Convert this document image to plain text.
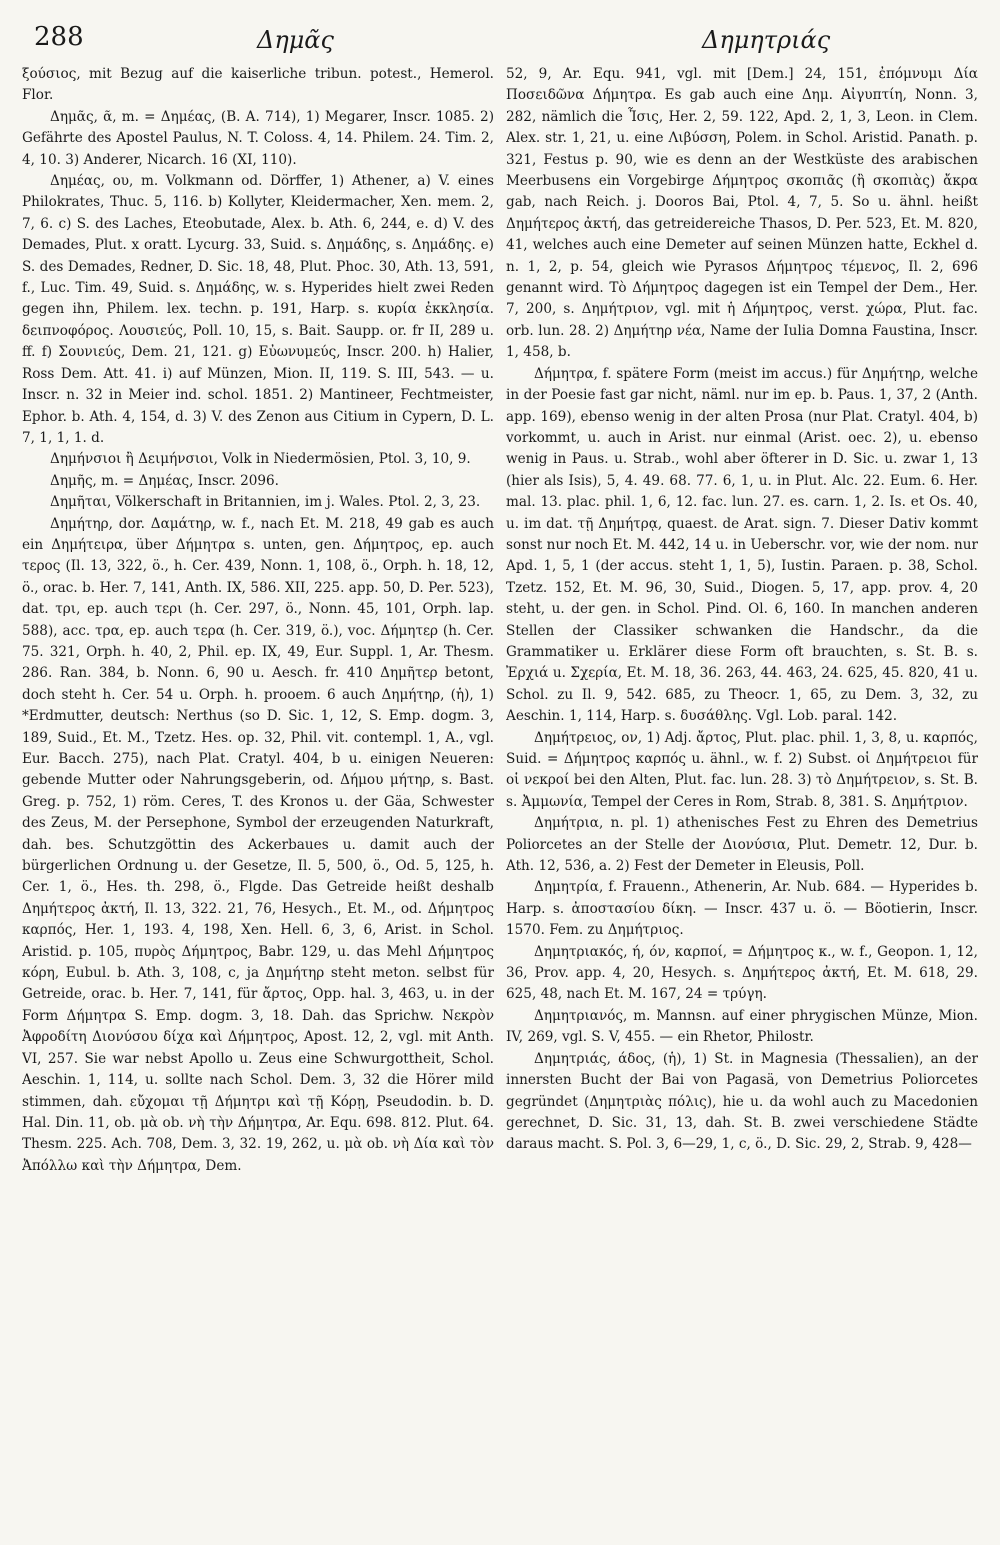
288	Δημᾶς	Δημητριάς

ξούσιος, mit Bezug auf die kaiserliche tribun. potest., Hemerol. Flor.

Δημᾶς, ᾶ, m. = Δημέας, (B. A. 714), 1) Megarer, Inscr. 1085. 2) Gefährte des Apostel Paulus, N. T. Coloss. 4, 14. Philem. 24. Tim. 2, 4, 10. 3) Anderer, Nicarch. 16 (XI, 110).

Δημέας, ου, m. Volkmann od. Dörffer, 1) Athener, a) V. eines Philokrates, Thuc. 5, 116. b) Kollyter, Kleidermacher, Xen. mem. 2, 7, 6. c) S. des Laches, Eteobutade, Alex. b. Ath. 6, 244, e. d) V. des Demades, Plut. x oratt. Lycurg. 33, Suid. s. Δημάδης, s. Δημάδης. e) S. des Demades, Redner, D. Sic. 18, 48, Plut. Phoc. 30, Ath. 13, 591, f., Luc. Tim. 49, Suid. s. Δημάδης, w. s. Hyperides hielt zwei Reden gegen ihn, Philem. lex. techn. p. 191, Harp. s. κυρία ἐκκλησία. δειπνοφόρος. Λουσιεύς, Poll. 10, 15, s. Bait. Saupp. or. fr II, 289 u. ff. f) Σουνιεύς, Dem. 21, 121. g) Εὐωνυμεύς, Inscr. 200. h) Halier, Ross Dem. Att. 41. i) auf Münzen, Mion. II, 119. S. III, 543. — u. Inscr. n. 32 in Meier ind. schol. 1851. 2) Mantineer, Fechtmeister, Ephor. b. Ath. 4, 154, d. 3) V. des Zenon aus Citium in Cypern, D. L. 7, 1, 1, 1. d.

Δημήνσιοι ἢ Δειμήνσιοι, Volk in Niedermösien, Ptol. 3, 10, 9.

Δημῆς, m. = Δημέας, Inscr. 2096.

Δημῆται, Völkerschaft in Britannien, im j. Wales. Ptol. 2, 3, 23.

Δημήτηρ, dor. Δαμάτηρ, w. f., nach Et. M. 218, 49 gab es auch ein Δημήτειρα, über Δήμητρα s. unten, gen. Δήμητρος, ep. auch τερος (Il. 13, 322, ö., h. Cer. 439, Nonn. 1, 108, ö., Orph. h. 18, 12, ö., orac. b. Her. 7, 141, Anth. IX, 586. XII, 225. app. 50, D. Per. 523), dat. τρι, ep. auch τερι (h. Cer. 297, ö., Nonn. 45, 101, Orph. lap. 588), acc. τρα, ep. auch τερα (h. Cer. 319, ö.), voc. Δήμητερ (h. Cer. 75. 321, Orph. h. 40, 2, Phil. ep. IX, 49, Eur. Suppl. 1, Ar. Thesm. 286. Ran. 384, b. Nonn. 6, 90 u. Aesch. fr. 410 Δημῆτερ betont, doch steht h. Cer. 54 u. Orph. h. prooem. 6 auch Δημήτηρ, (ἡ), 1) *Erdmutter, deutsch: Nerthus (so D. Sic. 1, 12, S. Emp. dogm. 3, 189, Suid., Et. M., Tzetz. Hes. op. 32, Phil. vit. contempl. 1, A., vgl. Eur. Bacch. 275), nach Plat. Cratyl. 404, b u. einigen Neueren: gebende Mutter oder Nahrungsgeberin, od. Δήμου μήτηρ, s. Bast. Greg. p. 752, 1) röm. Ceres, T. des Kronos u. der Gäa, Schwester des Zeus, M. der Persephone, Symbol der erzeugenden Naturkraft, dah. bes. Schutzgöttin des Ackerbaues u. damit auch der bürgerlichen Ordnung u. der Gesetze, Il. 5, 500, ö., Od. 5, 125, h. Cer. 1, ö., Hes. th. 298, ö., Flgde. Das Getreide heißt deshalb Δημήτερος ἀκτή, Il. 13, 322. 21, 76, Hesych., Et. M., od. Δήμητρος καρπός, Her. 1, 193. 4, 198, Xen. Hell. 6, 3, 6, Arist. in Schol. Aristid. p. 105, πυρὸς Δήμητρος, Babr. 129, u. das Mehl Δήμητρος κόρη, Eubul. b. Ath. 3, 108, c, ja Δημήτηρ steht meton. selbst für Getreide, orac. b. Her. 7, 141, für ἄρτος, Opp. hal. 3, 463, u. in der Form Δήμητρα S. Emp. dogm. 3, 18. Dah. das Sprichw. Νεκρὸν Ἀφροδίτη Διονύσου δίχα καὶ Δήμητρος, Apost. 12, 2, vgl. mit Anth. VI, 257. Sie war nebst Apollo u. Zeus eine Schwurgottheit, Schol. Aeschin. 1, 114, u. sollte nach Schol. Dem. 3, 32 die Hörer mild stimmen, dah. εὔχομαι τῇ Δήμητρι καὶ τῇ Κόρῃ, Pseudodin. b. D. Hal. Din. 11, ob. μὰ ob. νὴ τὴν Δήμητρα, Ar. Equ. 698. 812. Plut. 64. Thesm. 225. Ach. 708, Dem. 3, 32. 19, 262, u. μὰ ob. νὴ Δία καὶ τὸν Ἀπόλλω καὶ τὴν Δήμητρα, Dem.

52, 9, Ar. Equ. 941, vgl. mit [Dem.] 24, 151, ἐπόμνυμι Δία Ποσειδῶνα Δήμητρα. Es gab auch eine Δημ. Αἰγυπτίη, Nonn. 3, 282, nämlich die Ἶσις, Her. 2, 59. 122, Apd. 2, 1, 3, Leon. in Clem. Alex. str. 1, 21, u. eine Λιβύσση, Polem. in Schol. Aristid. Panath. p. 321, Festus p. 90, wie es denn an der Westküste des arabischen Meerbusens ein Vorgebirge Δήμητρος σκοπιᾶς (ἢ σκοπιὰς) ἄκρα gab, nach Reich. j. Dooros Bai, Ptol. 4, 7, 5. So u. ähnl. heißt Δημήτερος ἀκτή, das getreidereiche Thasos, D. Per. 523, Et. M. 820, 41, welches auch eine Demeter auf seinen Münzen hatte, Eckhel d. n. 1, 2, p. 54, gleich wie Pyrasos Δήμητρος τέμενος, Il. 2, 696 genannt wird. Τὸ Δήμητρος dagegen ist ein Tempel der Dem., Her. 7, 200, s. Δημήτριον, vgl. mit ἡ Δήμητρος, verst. χώρα, Plut. fac. orb. lun. 28. 2) Δημήτηρ νέα, Name der Iulia Domna Faustina, Inscr. 1, 458, b.

Δήμητρα, f. spätere Form (meist im accus.) für Δημήτηρ, welche in der Poesie fast gar nicht, näml. nur im ep. b. Paus. 1, 37, 2 (Anth. app. 169), ebenso wenig in der alten Prosa (nur Plat. Cratyl. 404, b) vorkommt, u. auch in Arist. nur einmal (Arist. oec. 2), u. ebenso wenig in Paus. u. Strab., wohl aber öfterer in D. Sic. u. zwar 1, 13 (hier als Isis), 5, 4. 49. 68. 77. 6, 1, u. in Plut. Alc. 22. Eum. 6. Her. mal. 13. plac. phil. 1, 6, 12. fac. lun. 27. es. carn. 1, 2. Is. et Os. 40, u. im dat. τῇ Δημήτρᾳ, quaest. de Arat. sign. 7. Dieser Dativ kommt sonst nur noch Et. M. 442, 14 u. in Ueberschr. vor, wie der nom. nur Apd. 1, 5, 1 (der accus. steht 1, 1, 5), Iustin. Paraen. p. 38, Schol. Tzetz. 152, Et. M. 96, 30, Suid., Diogen. 5, 17, app. prov. 4, 20 steht, u. der gen. in Schol. Pind. Ol. 6, 160. In manchen anderen Stellen der Classiker schwanken die Handschr., da die Grammatiker u. Erklärer diese Form oft brauchten, s. St. B. s. Ἐρχιά u. Σχερία, Et. M. 18, 36. 263, 44. 463, 24. 625, 45. 820, 41 u. Schol. zu Il. 9, 542. 685, zu Theocr. 1, 65, zu Dem. 3, 32, zu Aeschin. 1, 114, Harp. s. δυσάθλης. Vgl. Lob. paral. 142.

Δημήτρειος, ον, 1) Adj. ἄρτος, Plut. plac. phil. 1, 3, 8, u. καρπός, Suid. = Δήμητρος καρπός u. ähnl., w. f. 2) Subst. οἱ Δημήτρειοι für οἱ νεκροί bei den Alten, Plut. fac. lun. 28. 3) τὸ Δημήτρειον, s. St. B. s. Ἀμμωνία, Tempel der Ceres in Rom, Strab. 8, 381. S. Δημήτριον.

Δημήτρια, n. pl. 1) athenisches Fest zu Ehren des Demetrius Poliorcetes an der Stelle der Διονύσια, Plut. Demetr. 12, Dur. b. Ath. 12, 536, a. 2) Fest der Demeter in Eleusis, Poll.

Δημητρία, f. Frauenn., Athenerin, Ar. Nub. 684. — Hyperides b. Harp. s. ἀποστασίου δίκη. — Inscr. 437 u. ö. — Böotierin, Inscr. 1570. Fem. zu Δημήτριος.

Δημητριακός, ή, όν, καρποί, = Δήμητρος κ., w. f., Geopon. 1, 12, 36, Prov. app. 4, 20, Hesych. s. Δημήτερος ἀκτή, Et. M. 618, 29. 625, 48, nach Et. M. 167, 24 = τρύγη.

Δημητριανός, m. Mannsn. auf einer phrygischen Münze, Mion. IV, 269, vgl. S. V, 455. — ein Rhetor, Philostr.

Δημητριάς, άδος, (ἡ), 1) St. in Magnesia (Thessalien), an der innersten Bucht der Bai von Pagasä, von Demetrius Poliorcetes gegründet (Δημητριὰς πόλις), hie u. da wohl auch zu Macedonien gerechnet, D. Sic. 31, 13, dah. St. B. zwei verschiedene Städte daraus macht. S. Pol. 3, 6—29, 1, c, ö., D. Sic. 29, 2, Strab. 9, 428—
